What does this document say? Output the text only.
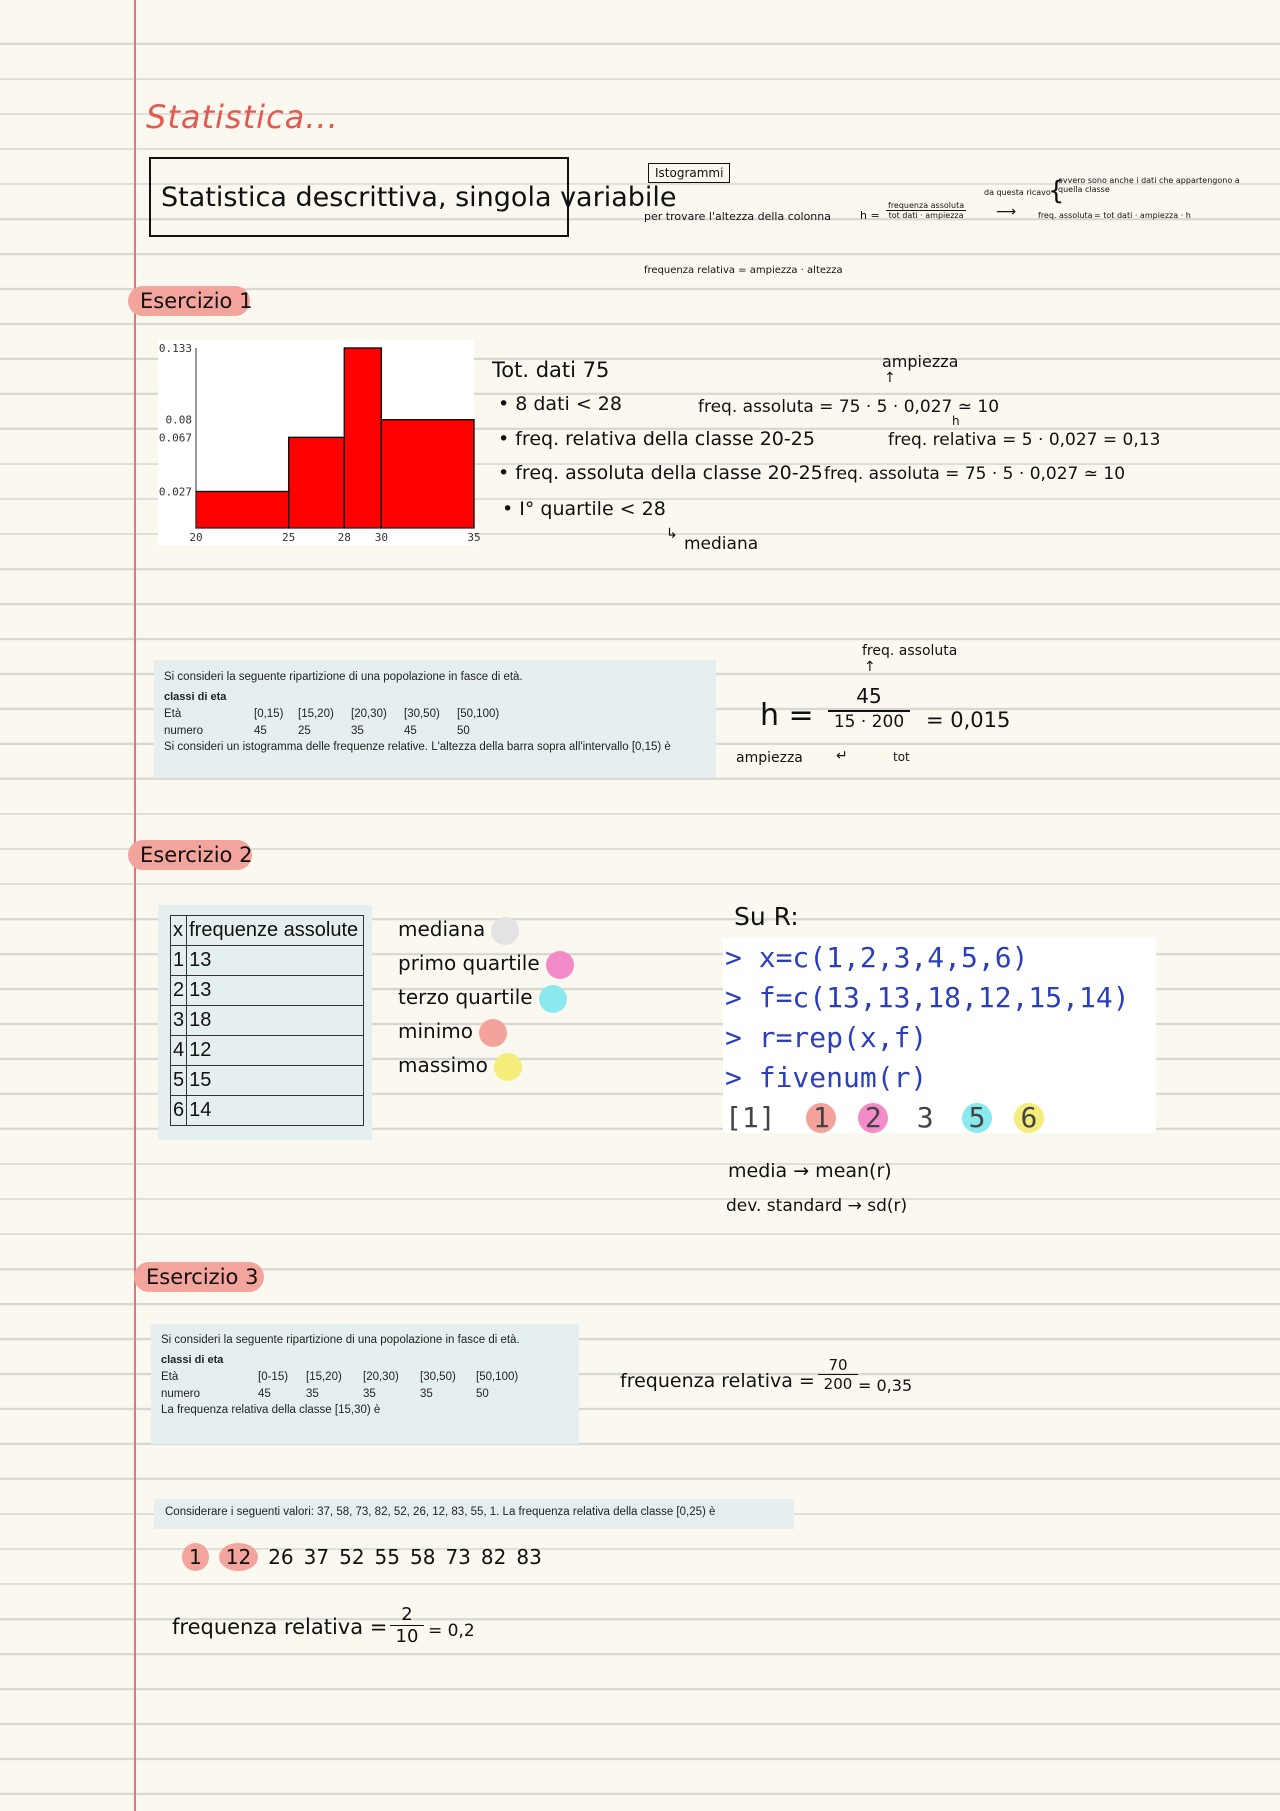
Statistica...
Statistica descrittiva, singola variabile
Istogrammi
per trovare l'altezza della colonna	h =
frequenza assoluta
tot dati · ampiezza
da questa ricavo
⟶
{
ovvero sono anche i dati che appartengono a quella classe
freq. assoluta = tot dati · ampiezza · h
frequenza relativa = ampiezza · altezza
Esercizio 1
0.133
0.08
0.067
0.027
20	25	28 30	35
Tot. dati 75
• 8 dati < 28
• freq. relativa della classe 20-25
• freq. assoluta della classe 20-25
• I° quartile < 28
↳ mediana
ampiezza
↑
freq. assoluta = 75 · 5 · 0,027 ≃ 10
h
freq. relativa = 5 · 0,027 = 0,13
freq. assoluta = 75 · 5 · 0,027 ≃ 10
Si consideri la seguente ripartizione di una popolazione in fasce di età.
classi di eta
Età	[0,15)	[15,20)	[20,30)	[30,50)	[50,100)
numero	45	25	35	45	50
Si consideri un istogramma delle frequenze relative. L'altezza della barra sopra all'intervallo [0,15) è
freq. assoluta
↑
$h = \frac{45}{15 \cdot 200} = 0,015$
ampiezza ↵	tot
Esercizio 2
x	frequenze assolute
1	13
2	13
3	18
4	12
5	15
6	14
mediana
primo quartile
terzo quartile
minimo
massimo
Su R:
> x=c(1,2,3,4,5,6)
> f=c(13,13,18,12,15,14)
> r=rep(x,f)
> fivenum(r)
[1] 1 2 3 5 6
media → mean(r)
dev. standard → sd(r)
Esercizio 3
Si consideri la seguente ripartizione di una popolazione in fasce di età.
classi di eta
Età	[0-15)	[15,20)	[20,30)	[30,50)	[50,100)
numero	45	35	35	35	50
La frequenza relativa della classe [15,30) è
frequenza relativa = $\frac{70}{200} = 0,35$
Considerare i seguenti valori: 37, 58, 73, 82, 52, 26, 12, 83, 55, 1. La frequenza relativa della classe [0,25) è
1	12 26 37 52 55 58 73 82 83
frequenza relativa = $\frac{2}{10} = 0,2$
